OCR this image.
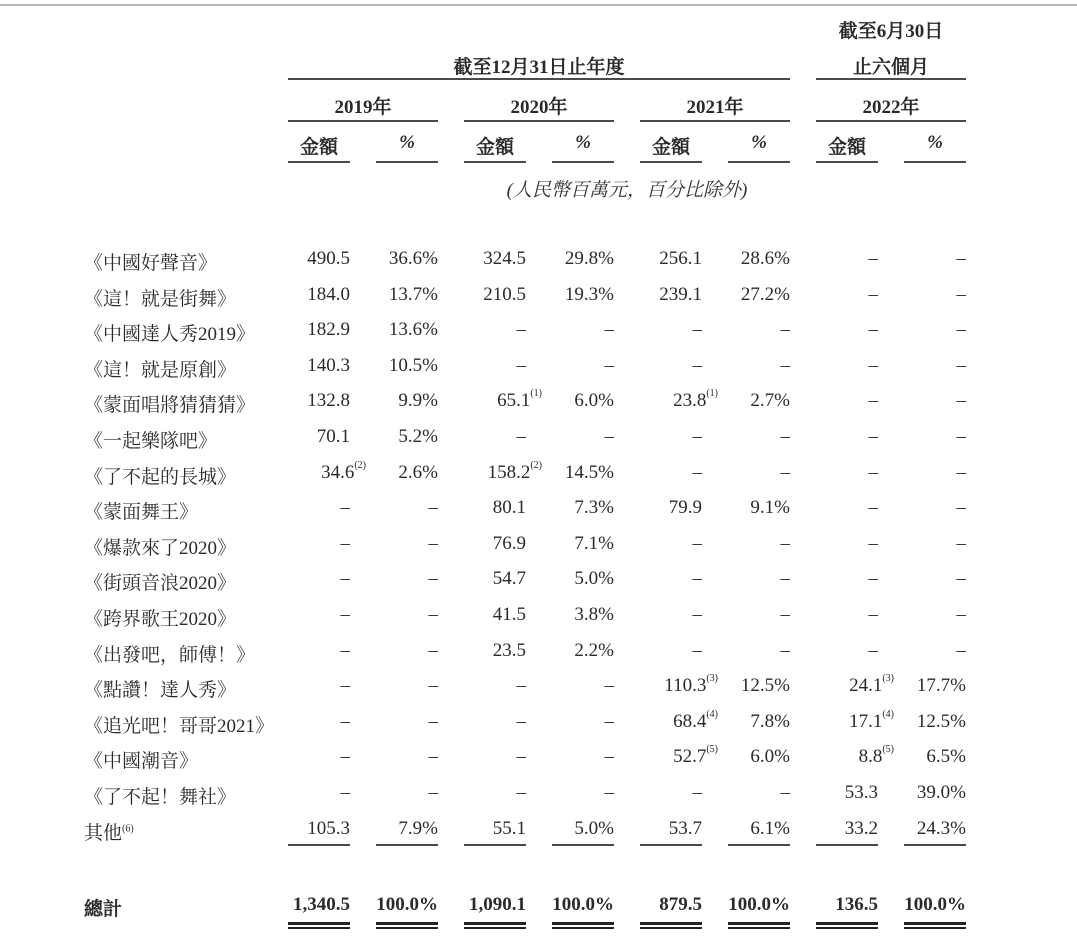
截至12月31日止年度
截至6月30日
止六個月
2019年	2020年	2021年	2022年
金額	%	金額	%	金額	%	金額	%
(人民幣百萬元，百分比除外)
《中國好聲音》	490.5	36.6%	324.5	29.8%	256.1	28.6%	–	–
《這！就是街舞》	184.0	13.7%	210.5	19.3%	239.1	27.2%	–	–
《中國達人秀2019》	182.9	13.6%	–	–	–	–	–	–
《這！就是原創》	140.3	10.5%	–	–	–	–	–	–
《蒙面唱將猜猜猜》	132.8	9.9%	65.1$^{(1)}$	6.0%	23.8$^{(1)}$	2.7%	–	–
《一起樂隊吧》	70.1	5.2%	–	–	–	–	–	–
《了不起的長城》	34.6$^{(2)}$	2.6%	158.2$^{(2)}$	14.5%	–	–	–	–
《蒙面舞王》	–	–	80.1	7.3%	79.9	9.1%	–	–
《爆款來了2020》	–	–	76.9	7.1%	–	–	–	–
《街頭音浪2020》	–	–	54.7	5.0%	–	–	–	–
《跨界歌王2020》	–	–	41.5	3.8%	–	–	–	–
《出發吧，師傅！》	–	–	23.5	2.2%	–	–	–	–
《點讚！達人秀》	–	–	–	–	110.3$^{(3)}$	12.5%	24.1$^{(3)}$	17.7%
《追光吧！哥哥2021》	–	–	–	–	68.4$^{(4)}$	7.8%	17.1$^{(4)}$	12.5%
《中國潮音》	–	–	–	–	52.7$^{(5)}$	6.0%	8.8$^{(5)}$	6.5%
《了不起！舞社》	–	–	–	–	–	–	53.3	39.0%
其他$^{(6)}$	105.3	7.9%	55.1	5.0%	53.7	6.1%	33.2	24.3%
總計	1,340.5 100.0% 1,090.1 100.0%	879.5 100.0%	136.5 100.0%
